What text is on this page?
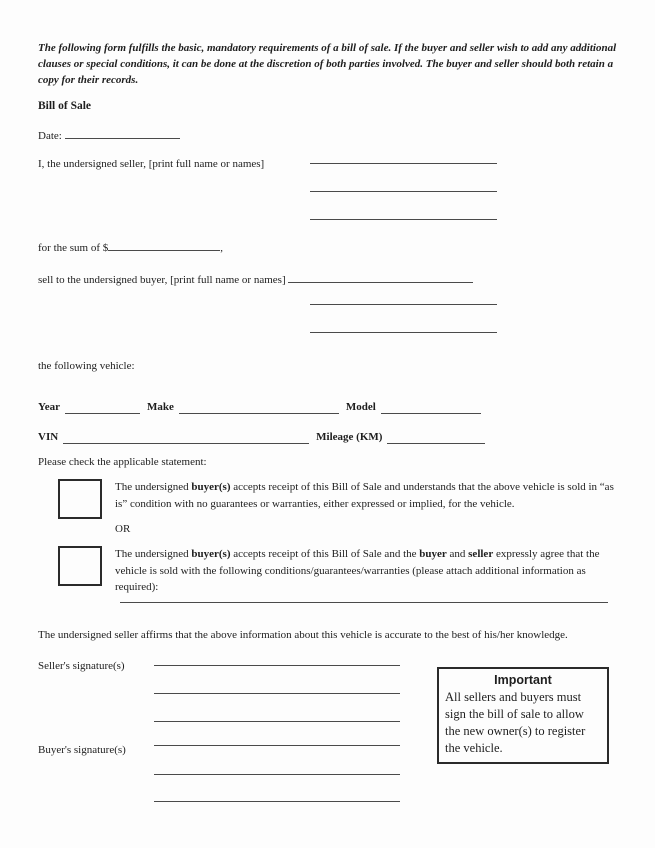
The following form fulfills the basic, mandatory requirements of a bill of sale. If the buyer and seller wish to add any additional clauses or special conditions, it can be done at the discretion of both parties involved. The buyer and seller should both retain a copy for their records.

Bill of Sale
Date:
I, the undersigned seller, [print full name or names]
for the sum of $	,
sell to the undersigned buyer, [print full name or names]

the following vehicle:

Year	Make	Model
VIN	Mileage (KM)

Please check the applicable statement:

The undersigned buyer(s) accepts receipt of this Bill of Sale and understands that the above vehicle is sold in “as is” condition with no guarantees or warranties, either expressed or implied, for the vehicle.

OR

The undersigned buyer(s) accepts receipt of this Bill of Sale and the buyer and seller expressly agree that the vehicle is sold with the following conditions/guarantees/warranties (please attach additional information as required):

The undersigned seller affirms that the above information about this vehicle is accurate to the best of his/her knowledge.

Seller's signature(s)
Buyer's signature(s)
Important
All sellers and buyers must sign the bill of sale to allow the new owner(s) to register the vehicle.
